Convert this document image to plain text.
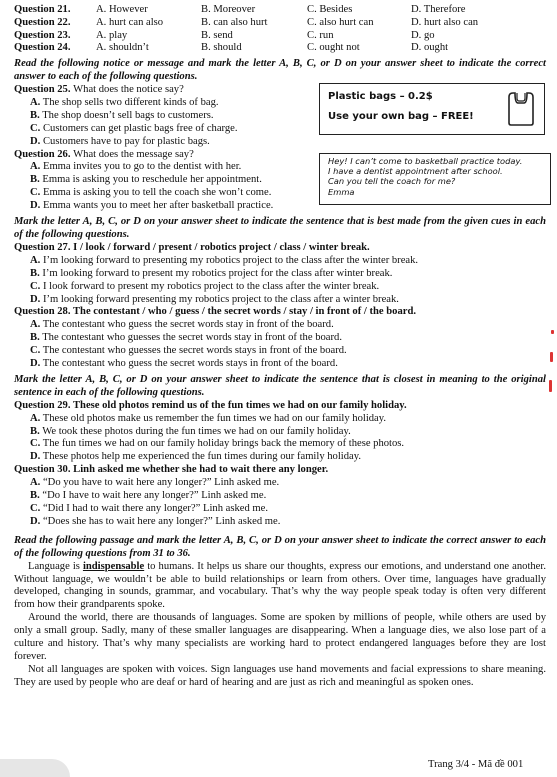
Question 21.	A. However	B. Moreover	C. Besides	D. Therefore
Question 22.	A. hurt can also	B. can also hurt	C. also hurt can	D. hurt also can
Question 23.	A. play	B. send	C. run	D. go
Question 24.	A. shouldn’t	B. should	C. ought not	D. ought
Read the following notice or message and mark the letter A, B, C, or D on your answer sheet to indicate the correct answer to each of the following questions.
Question 25. What does the notice say?
A. The shop sells two different kinds of bag.
B. The shop doesn’t sell bags to customers.
C. Customers can get plastic bags free of charge.
D. Customers have to pay for plastic bags.
Plastic bags – 0.2$
Use your own bag – FREE!
Question 26. What does the message say?
A. Emma invites you to go to the dentist with her.
B. Emma is asking you to reschedule her appointment.
C. Emma is asking you to tell the coach she won’t come.
D. Emma wants you to meet her after basketball practice.
Hey! I can’t come to basketball practice today.
I have a dentist appointment after school.
Can you tell the coach for me?
Emma
Mark the letter A, B, C, or D on your answer sheet to indicate the sentence that is best made from the given cues in each of the following questions.
Question 27. I / look / forward / present / robotics project / class / winter break.
A. I’m looking forward to presenting my robotics project to the class after the winter break.
B. I’m looking forward to present my robotics project for the class after winter break.
C. I look forward to present my robotics project to the class after the winter break.
D. I’m looking forward presenting my robotics project to the class after a winter break.
Question 28. The contestant / who / guess / the secret words / stay / in front of / the board.
A. The contestant who guess the secret words stay in front of the board.
B. The contestant who guesses the secret words stay in front of the board.
C. The contestant who guesses the secret words stays in front of the board.
D. The contestant who guess the secret words stays in front of the board.
Mark the letter A, B, C, or D on your answer sheet to indicate the sentence that is closest in meaning to the original sentence in each of the following questions.
Question 29. These old photos remind us of the fun times we had on our family holiday.
A. These old photos make us remember the fun times we had on our family holiday.
B. We took these photos during the fun times we had on our family holiday.
C. The fun times we had on our family holiday brings back the memory of these photos.
D. These photos help me experienced the fun times during our family holiday.
Question 30. Linh asked me whether she had to wait there any longer.
A. “Do you have to wait here any longer?” Linh asked me.
B. “Do I have to wait here any longer?” Linh asked me.
C. “Did I had to wait there any longer?” Linh asked me.
D. “Does she has to wait here any longer?” Linh asked me.
Read the following passage and mark the letter A, B, C, or D on your answer sheet to indicate the correct answer to each of the following questions from 31 to 36.

Language is indispensable to humans. It helps us share our thoughts, express our emotions, and understand one another. Without language, we wouldn’t be able to build relationships or learn from others. Over time, languages have gradually developed, changing in sounds, grammar, and vocabulary. That’s why the way people speak today is often very different from how their grandparents spoke.

Around the world, there are thousands of languages. Some are spoken by millions of people, while others are used by only a small group. Sadly, many of these smaller languages are disappearing. When a language dies, we also lose part of a culture and history. That’s why many specialists are working hard to protect endangered languages before they are lost forever.

Not all languages are spoken with voices. Sign languages use hand movements and facial expressions to share meaning. They are used by people who are deaf or hard of hearing and are just as rich and meaningful as spoken ones.

Trang 3/4 - Mã đề 001
